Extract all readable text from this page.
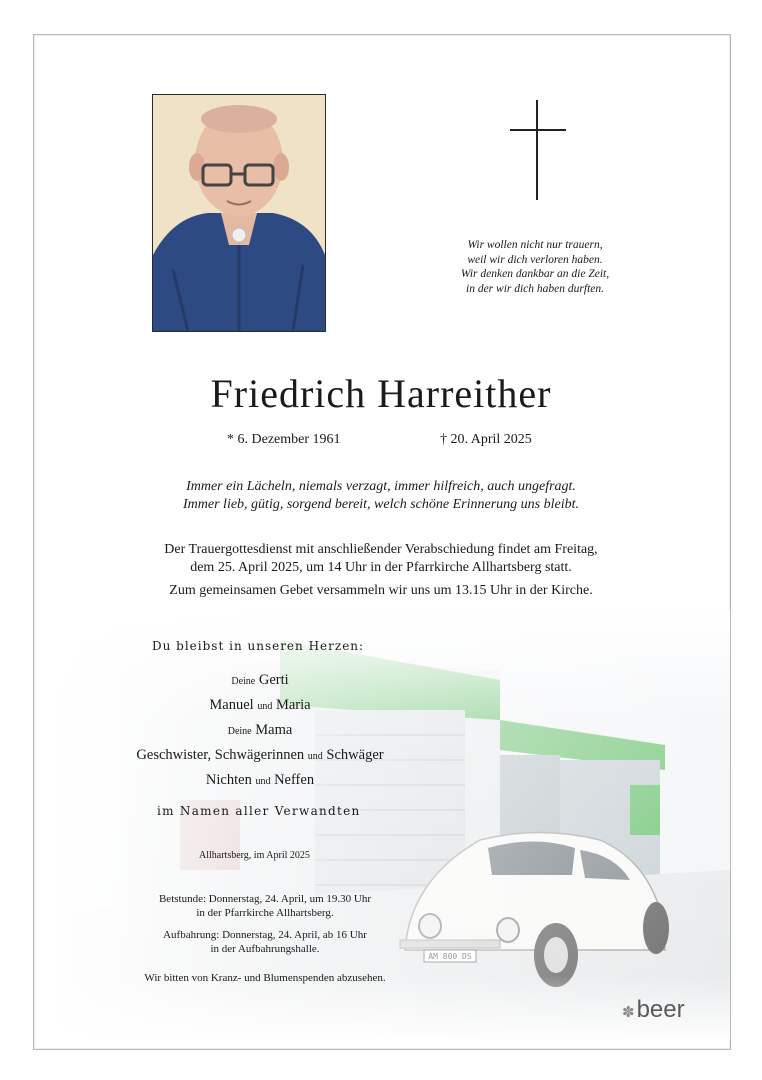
Wir wollen nicht nur trauern,
weil wir dich verloren haben.
Wir denken dankbar an die Zeit,
in der wir dich haben durften.
Friedrich Harreither
* 6. Dezember 1961	† 20. April 2025
Immer ein Lächeln, niemals verzagt, immer hilfreich, auch ungefragt.
Immer lieb, gütig, sorgend bereit, welch schöne Erinnerung uns bleibt.
Der Trauergottesdienst mit anschließender Verabschiedung findet am Freitag,
dem 25. April 2025, um 14 Uhr in der Pfarrkirche Allhartsberg statt.
Zum gemeinsamen Gebet versammeln wir uns um 13.15 Uhr in der Kirche.
Du bleibst in unseren Herzen:
Deine Gerti
Manuel und Maria
Deine Mama
Geschwister, Schwägerinnen und Schwäger
Nichten und Neffen
im Namen aller Verwandten
Allhartsberg, im April 2025
Betstunde: Donnerstag, 24. April, um 19.30 Uhr
in der Pfarrkirche Allhartsberg.
Aufbahrung: Donnerstag, 24. April, ab 16 Uhr
in der Aufbahrungshalle.
Wir bitten von Kranz- und Blumenspenden abzusehen.
✽beer
